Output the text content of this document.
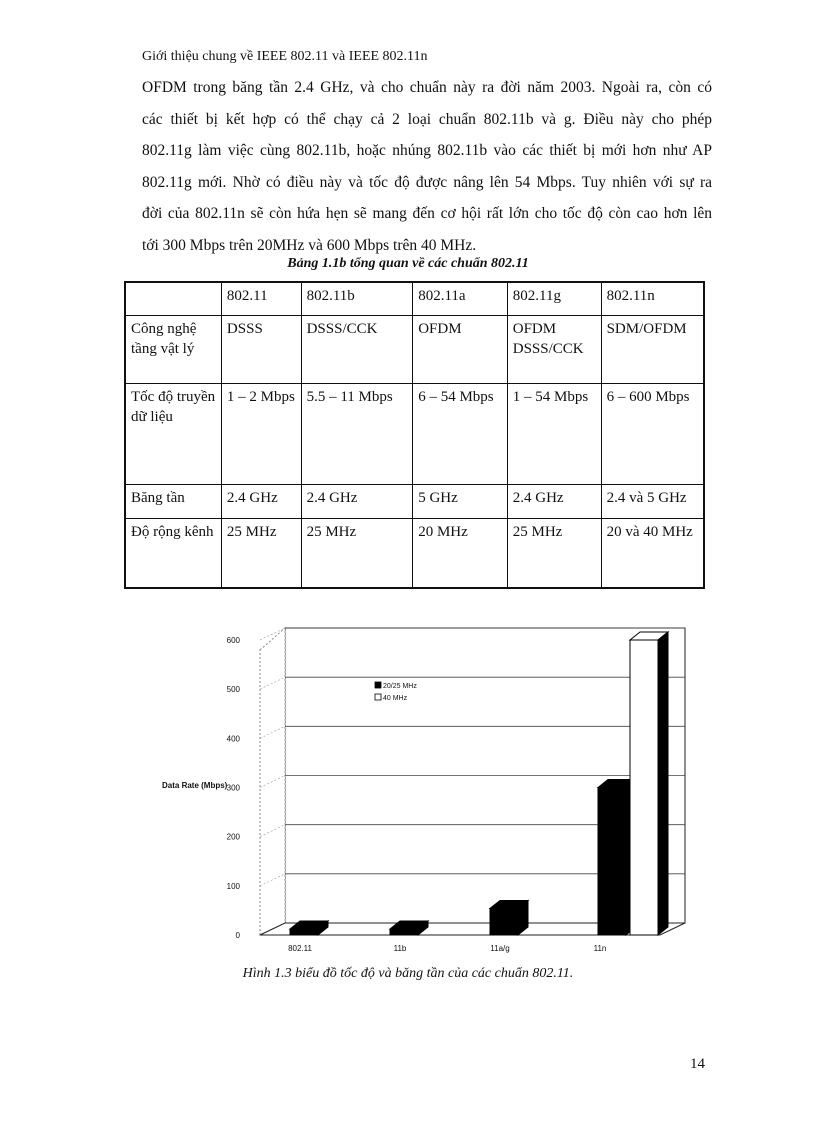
Giới thiệu chung về IEEE 802.11 và IEEE 802.11n
OFDM trong băng tần 2.4 GHz, và cho chuẩn này ra đời năm 2003. Ngoài ra, còn có
các thiết bị kết hợp có thể chạy cả 2 loại chuẩn 802.11b và g. Điều này cho phép
802.11g làm việc cùng 802.11b, hoặc nhúng 802.11b vào các thiết bị mới hơn như AP
802.11g mới. Nhờ có điều này và tốc độ được nâng lên 54 Mbps. Tuy nhiên với sự ra
đời của 802.11n sẽ còn hứa hẹn sẽ mang đến cơ hội rất lớn cho tốc độ còn cao hơn lên
tới 300 Mbps trên 20MHz và 600 Mbps trên 40 MHz.
Bảng 1.1b tổng quan về các chuẩn 802.11
	802.11	802.11b	802.11a	802.11g	802.11n
Công nghệ tầng vật lý	DSSS	DSSS/CCK	OFDM	OFDM DSSS/CCK	SDM/OFDM
Tốc độ truyền dữ liệu	1 – 2 Mbps	5.5 – 11 Mbps	6 – 54 Mbps	1 – 54 Mbps	6 – 600 Mbps
Băng tần	2.4 GHz	2.4 GHz	5 GHz	2.4 GHz	2.4 và 5 GHz
Độ rộng kênh	25 MHz	25 MHz	20 MHz	25 MHz	20 và 40 MHz
0
100
200
300
400
500
600
802.11	11b	11a/g	11n
Data Rate (Mbps)
20/25 MHz
40 MHz
Hình 1.3 biểu đồ tốc độ và băng tần của các chuẩn 802.11.
14
